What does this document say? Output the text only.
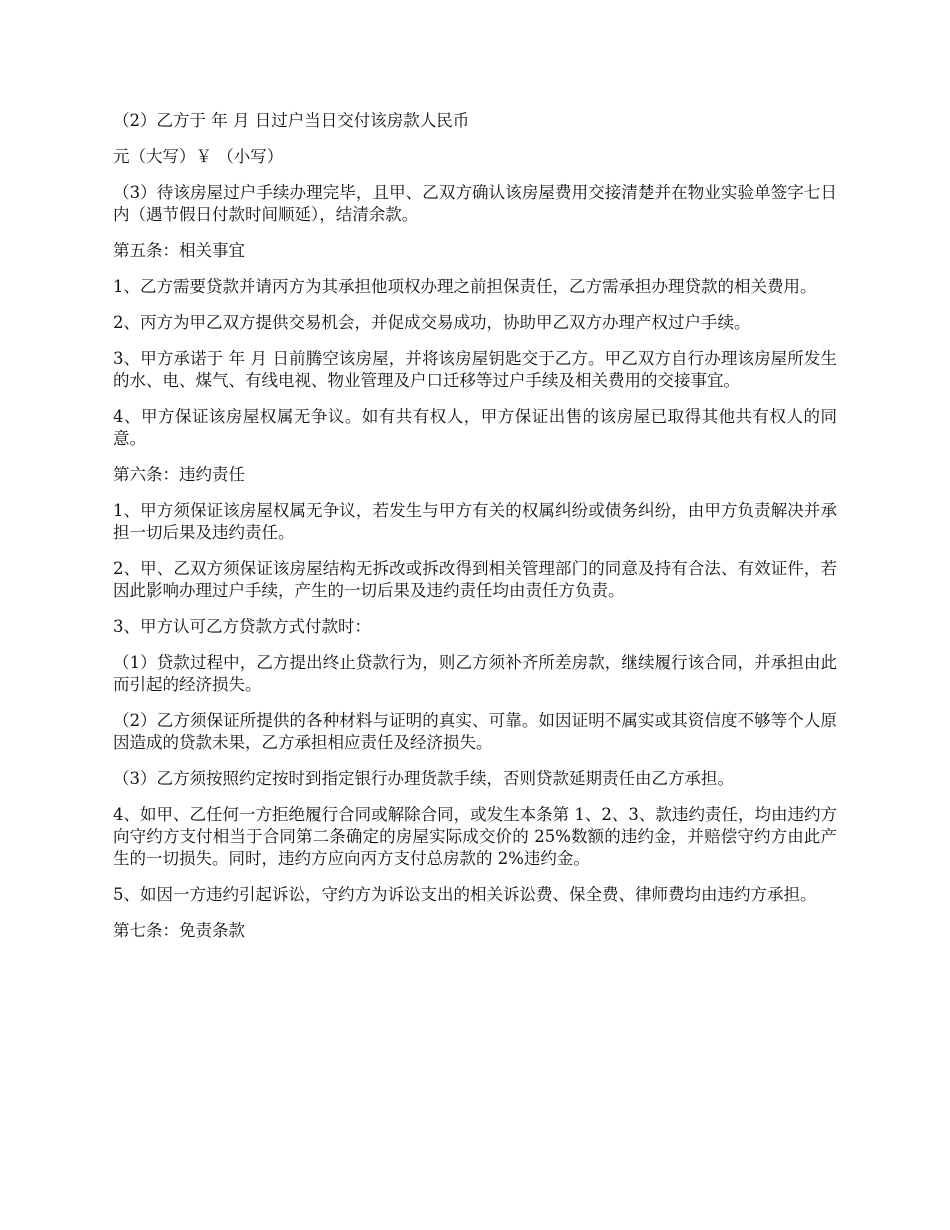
（2）乙方于 年 月 日过户当日交付该房款人民币

元（大写）￥ （小写）

（3）待该房屋过户手续办理完毕，且甲、乙双方确认该房屋费用交接清楚并在物业实验单签字七日内（遇节假日付款时间顺延），结清余款。

第五条：相关事宜

1、乙方需要贷款并请丙方为其承担他项权办理之前担保责任，乙方需承担办理贷款的相关费用。

2、丙方为甲乙双方提供交易机会，并促成交易成功，协助甲乙双方办理产权过户手续。

3、甲方承诺于 年 月 日前腾空该房屋，并将该房屋钥匙交于乙方。甲乙双方自行办理该房屋所发生的水、电、煤气、有线电视、物业管理及户口迁移等过户手续及相关费用的交接事宜。

4、甲方保证该房屋权属无争议。如有共有权人，甲方保证出售的该房屋已取得其他共有权人的同意。

第六条：违约责任

1、甲方须保证该房屋权属无争议，若发生与甲方有关的权属纠纷或债务纠纷，由甲方负责解决并承担一切后果及违约责任。

2、甲、乙双方须保证该房屋结构无拆改或拆改得到相关管理部门的同意及持有合法、有效证件，若因此影响办理过户手续，产生的一切后果及违约责任均由责任方负责。

3、甲方认可乙方贷款方式付款时：

（1）贷款过程中，乙方提出终止贷款行为，则乙方须补齐所差房款，继续履行该合同，并承担由此而引起的经济损失。

（2）乙方须保证所提供的各种材料与证明的真实、可靠。如因证明不属实或其资信度不够等个人原因造成的贷款未果，乙方承担相应责任及经济损失。

（3）乙方须按照约定按时到指定银行办理货款手续，否则贷款延期责任由乙方承担。

4、如甲、乙任何一方拒绝履行合同或解除合同，或发生本条第 1、2、3、款违约责任，均由违约方向守约方支付相当于合同第二条确定的房屋实际成交价的 25%数额的违约金，并赔偿守约方由此产生的一切损失。同时，违约方应向丙方支付总房款的 2%违约金。

5、如因一方违约引起诉讼，守约方为诉讼支出的相关诉讼费、保全费、律师费均由违约方承担。

第七条：免责条款
